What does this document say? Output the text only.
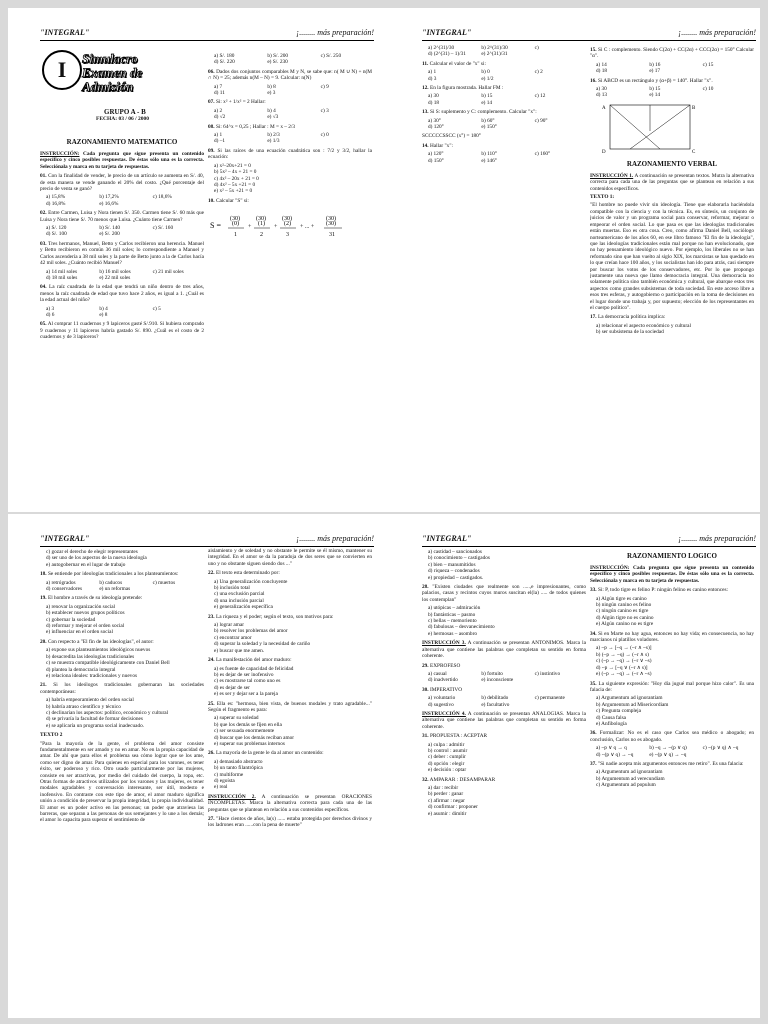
"INTEGRAL"	¡........ más preparación!
I Simulacro
Examen de
Admisión
GRUPO A - B
FECHA: 03 / 06 / 2000
RAZONAMIENTO MATEMATICO

INSTRUCCIÓN: Cada pregunta que sigue presenta un contenido específico y cinco posibles respuestas. De éstas sólo una es la correcta. Selecciónala y marca en tu tarjeta de respuestas.

01. Con la finalidad de vender, le precio de un artículo se aumenta en S/. 40, de esta manera se vende ganando el 20% del costo. ¿Qué porcentaje del precio de venta se ganó?

a) 15,8%	b) 17,2%	c) 18,6%
d) 16,8%	e) 16,6%

02. Entre Carmen, Luisa y Nora tienen S/. 350. Carmen tiene S/. 60 más que Luisa y Nora tiene S/. 70 menos que Luisa. ¿Cuánto tiene Carmen?

a) S/. 120	b) S/. 140	c) S/. 160
d) S/. 100	e) S/. 200

03. Tres hermanos, Manuel, Betto y Carlos recibieron una herencia. Manuel y Betto recibieron en común 36 mil soles; lo correspondiente a Manuel y Carlos ascendería a 38 mil soles y la parte de Betto junto a la de Carlos hacía 42 mil soles. ¿Cuánto recibió Manuel?

a) 14 mil soles	b) 16 mil soles	c) 21 mil soles
d) 18 mil soles	e) 22 mil soles

04. La raíz cuadrada de la edad que tendrá un niño dentro de tres años, menos la raíz cuadrada de edad que tuvo hace 2 años, es igual a 1. ¿Cuál es la edad actual del niño?

a) 3	b) 4	c) 5
d) 6	e) 8

05. Al comprar 11 cuadernos y 9 lapiceros gasté S/.910. Si hubiera comprado 9 cuadernos y 11 lapiceros habría gastado S/. 890. ¿Cuál es el costo de 2 cuadernos y de 3 lapiceros?

a) S/. 180	b) S/. 200	c) S/. 250
d) S/. 220	e) S/. 230

06. Dados dos conjuntos comparables M y N, se sabe que: n( M ∪ N) + n(M ∩ N) = 25; además n(M – N) = 9. Calcular: n(N)

a) 7	b) 8	c) 9
d) 11	e) 3

07. Si: x² + 1/x² = 2 Hallar:

a) 2	b) 4	c) 3
d) √2	e) √3

08. Si: 64^x = 0,25 ; Hallar : M = x – 2/3

a) 1	b) 2/3	c) 0
d) –1	e) 1/3

09. Si las raíces de una ecuación cuadrática son : 7/2 y 3/2, hallar la ecuación:

a) x²–20x+21 = 0
b) 5x² – 4x + 21 = 0
c) 4x² – 20x + 21 = 0
d) 4x² – 5x +21 = 0
e) x² – 5x +21 = 0

10. Calcular "S" si:

S =
(30)
(0)
1
+
(30)
(1)
2
+
(30)
(2)
3
+ ... +
(30)
(30)
31
"INTEGRAL"	¡........ más preparación!
a) 2^(31)/30	b) 2^(31)/30	c)
d) (2^(31) – 1)/31	e) 2^(31)/31

11. Calcular el valor de "x" si:

a) 1	b) 0	c) 2
d) 3	e) 1/2

12. En la figura mostrada. Hallar FM :

a) 30	b) 15	c) 12
d) 18	e) 14

13. Si S: suplemento y C: complemento. Calcular "x":

a) 30°	b) 60°	c) 90°
d) 120°	e) 150°

SCCCCCSSCC (x°) = 180°

14. Hallar "x":

a) 120°	b) 110°	c) 160°
d) 150°	e) 146°

15. Si C : complemento. Siendo C(2α) + CC(2α) + CCC(2α) = 150° Calcular "α".

a) 14	b) 16	c) 15
d) 18	e) 17

16. Si ABCD es un rectángulo y (α+β) = 140°. Hallar "x".

a) 30	b) 15	c) 10
d) 13	e) 14
A	B
C
D
RAZONAMIENTO VERBAL

INSTRUCCIÓN 1. A continuación se presentan textos. Mutra la alternativa correcta para cada una de las preguntas que se plantean en relación a sus contenidos específicos.

TEXTO 1:

"El hombre no puede vivir sin ideología. Tiene que elaborarla haciéndola compatible con la ciencia y con la técnica. Es, en síntesis, un conjunto de juicios de valor y un programa social para conservar, reformar, mejorar o empeorar el orden social. Lo que pasa es que las ideologías tradicionales están muertas. Eso es otra cosa. Creo, como afirma Daniel Bell, sociólogo norteamericano de los años 60, en ese libro famoso "El fin de la ideología", que las ideologías tradicionales están mal porque no han evolucionado, que no hay pensamiento ideológico nuevo. Por ejemplo, los liberales no se han reformado sino que han vuelto al siglo XIX, los marxistas se han quedado en lo que creían hace 100 años, y los socialistas han ido para atrás, casi siempre por buscar los votos de los conservadores, etc. Por lo que propongo justamente una nueva que llamo democracia integral. Una democracia no solamente política sino también económica y cultural, que abarque estos tres aspectos como grandes subsistemas de toda sociedad. En este acceso libre a esos tres esferas, y autogobierno o participación en la toma de decisiones en el lugar donde uno trabaja y, por supuesto; elección de los representantes en el cuerpo político".

17. La democracia política implica:

a) relacionar el aspecto económico y cultural
b) ser subsistema de la sociedad
"INTEGRAL"	¡........ más preparación!
c) gozar el derecho de elegir representantes
d) ser uno de los aspectos de la nueva ideología
e) autogobernar en el lugar de trabajo

18. Se entiende por ideologías tradicionales a los planteamientos:

a) retrógrados	b) caducos	c) muertos
d) conservadores	e) un reformas

19. El hombre a través de su ideología pretende:

a) renovar la organización social
b) establecer nuevos grupos políticos
c) gobernar la sociedad
d) reformar y mejorar el orden social
e) influenciar en el orden social

20. Con respecto a "El fin de las ideologías", el autor:

a) expone sus planteamientos ideológicos nuevos
b) desacredita las ideologías tradicionales
c) se muestra compatible ideológicamente con Daniel Bell
d) plantea la democracia integral
e) relaciona ideales: tradicionales y nuevos

21. Si los ideólogos tradicionales gobernaran las sociedades contemporáneas:

a) habría empeoramiento del orden social
b) habría atraso científico y técnico
c) declinarían los aspectos: político, económico y cultural
d) se privaría la facultad de formar decisiones
e) se aplicaría un programa social inadecuado.

TEXTO 2

"Para la mayoría de la gente, el problema del amor consiste fundamentalmente en ser amado y no en amar. No en la propia capacidad de amar. De ahí que para ellos el problema sea cómo lograr que se los ame, como ser digno de amar. Para quienes en especial para los varones, es tener éxito, ser poderoso y rico. Otro usado particularmente por las mujeres, consiste en ser atractivas, por medio del cuidado del cuerpo, la ropa, etc. Otras formas de atractivos utilizados por los varones y las mujeres, es tener modales agradables y conversación interesante, ser útil, modesto e inofensivo. En contraste con este tipo de amor, el amor maduro significa unión a condición de preservar la propia integridad, la propia individualidad. El amor es un poder activo en las personas; un poder que atraviesa las barreras, que separan a las personas de sus semejantes y lo une a los demás; el amor lo capacita para superar el sentimiento de

aislamiento y de soledad y no obstante le permite se él mismo, mantener su integridad. En el amor se da la paradoja de dos seres que se convierten en uno y no obstante siguen siendo dos ..."

22. El texto esta determinado por:

a) Una generalización concluyente
b) inclusión total
c) una exclusión parcial
d) una inclusión parcial
e) generalización específica

23. La riqueza y el poder; según el texto, son motivos para:

a) lograr amar
b) resolver los problemas del amor
c) encontrar amor
d) superar la soledad y la necesidad de cariño
e) buscar que me amen.

24. La manifestación del amor maduro:

a) es fuente de capacidad de felicidad
b) es dejar de ser inofensivo
c) es mostrarse tal como uno es
d) es dejar de ser
e) es ser y dejar ser a la pareja

25. Ella es: "hermosa, bien vista, de buenos modales y trato agradable..." Según el fragmento es para:

a) superar su soledad
b) que los demás se fijen en ella
c) ser sexuada enormemente
d) buscar que los demás reciban amor
e) superar sus problemas internos

26. La mayoría de la gente le da al amor un contenido:

a) demasiado abstracto
b) un tanto filantrópica
c) multiforme
d) egoísta
e) real

INSTRUCCIÓN 2. A continuación se presentan ORACIONES INCOMPLETAS. Marca la alternativa correcta para cada una de las preguntas que se plantean en relación a sus contenidos específicos.

27. "Hace cientos de años, la(s) ...... estaba protegida por derechos divinos y los ladrones eran ......con la pena de muerte"

"INTEGRAL"	¡........ más preparación!
a) castidad – sancionados
b) conocimiento – castigados
c) bien – manumitidos
d) riqueza – condenados
e) propiedad – castigados.

28. "Existen ciudades que realmente son .....,e impresionantes, como palacios, casas y recintos cuyos muros suscitan el(la) ..... de todos quienes los contemplan"

a) utópicas – admiración
b) fantásticas – pasmo
c) bellas – memoriento
d) fabulosas – desvanecimiento
e) hermosas – asombro

INSTRUCCIÓN 3. A continuación se presentan ANTONIMOS. Marca la alternativa que contiene las palabras que completan su sentido en forma coherente.

29. EXPROFESO

a) casual	b) fortuito	c) instintivo
d) inadvertido	e) inconsciente

30. IMPERATIVO

a) voluntario	b) debilitado	c) permanente
d) sugestivo	e) facultativo

INSTRUCCIÓN 4. A continuación se presentan ANALOGIAS. Marca la alternativa que contiene las palabras que completan su sentido en forma coherente.

31. PROPUESTA : ACEPTAR

a) culpa : admitir
b) control : asumir
c) deber : cumplir
d) opción : elegir
e) decisión : optar

32. AMPARAR : DESAMPARAR

a) dar : recibir
b) perder : ganar
c) afirmar : negar
d) confirmar : proponer
e) asumir : dimitir
RAZONAMIENTO LOGICO

INSTRUCCIÓN: Cada pregunta que sigue presenta un contenido específico y cinco posibles respuestas. De éstas sólo una es la correcta. Selecciónala y marca en tu tarjeta de respuestas.

33. Si: P, todo tigre es felino P: ningún felino es canino entonces:

a) Algún tigre es canino
b) ningún canino es felino
c) ningún canino es tigre
d) Algún tigre no es canino
e) Algún canino no es tigre

34. Si en Marte no hay agua, entonces no hay vida; en consecuencia, no hay marcianos ni platillos voladores.

a) ~p → [~q → (~r ∧ ~s)]
b) (~p → ~q) → (~r ∧ s)
c) (~p → ~q) → (~r ∨ ~s)
d) ~p → [~q ∨ (~r ∧ s)]
e) (~p → ~q) → (~r ∧ ~s)

35. La siguiente expresión: "Hoy día jugué mal porque hizo calor". Es una falacia de:

a) Argumentum ad ignorantiam
b) Argumentum ad Misericordiam
c) Pregunta compleja
d) Causa falsa
e) Anfibología

36. Formalizar: No es el caso que Carlos sea médico o abogado; en conclusión, Carlos no es abogado.

a) ~p ∨ q → q	b) ~q → ~(p ∨ q)	c) ~(p ∨ q) ∧ ~q
d) ~(p ∨ q) → ~q	e) ~(p ∨ q) → ~q

37. "Si nadie acepta mis argumentos entonces me retiro". Es una falacia:

a) Argumentum ad ignorantiam
b) Argumentum ad verecundiam
c) Argumentum ad populum
